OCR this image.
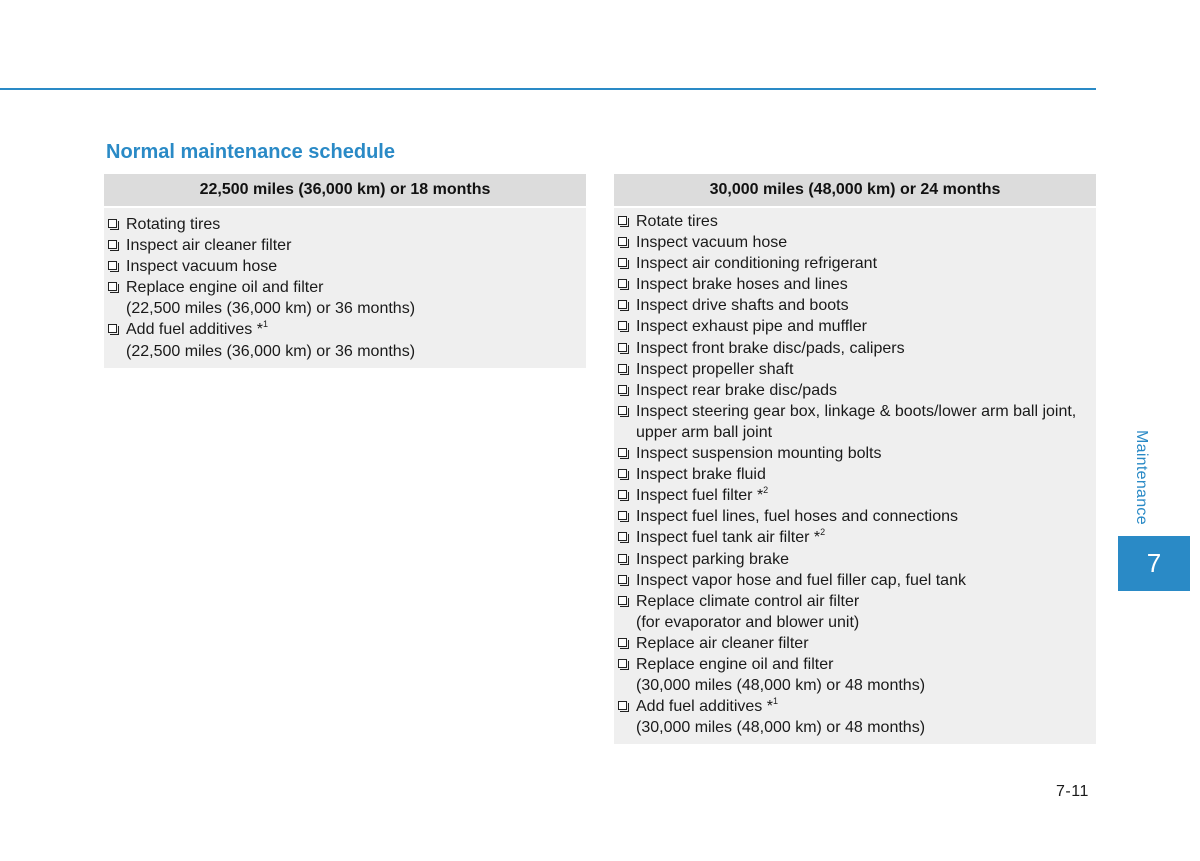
Normal maintenance schedule
22,500 miles (36,000 km) or 18 months
Rotating tires
Inspect air cleaner filter
Inspect vacuum hose
Replace engine oil and filter
(22,500 miles (36,000 km) or 36 months)
Add fuel additives *$^1$
(22,500 miles (36,000 km) or 36 months)
30,000 miles (48,000 km) or 24 months
Rotate tires
Inspect vacuum hose
Inspect air conditioning refrigerant
Inspect brake hoses and lines
Inspect drive shafts and boots
Inspect exhaust pipe and muffler
Inspect front brake disc/pads, calipers
Inspect propeller shaft
Inspect rear brake disc/pads
Inspect steering gear box, linkage & boots/lower arm ball joint, upper arm ball joint
Inspect suspension mounting bolts
Inspect brake fluid
Inspect fuel filter *$^2$
Inspect fuel lines, fuel hoses and connections
Inspect fuel tank air filter *$^2$
Inspect parking brake
Inspect vapor hose and fuel filler cap, fuel tank
Replace climate control air filter
(for evaporator and blower unit)
Replace air cleaner filter
Replace engine oil and filter
(30,000 miles (48,000 km) or 48 months)
Add fuel additives *$^1$
(30,000 miles (48,000 km) or 48 months)
Maintenance
7
7-11
